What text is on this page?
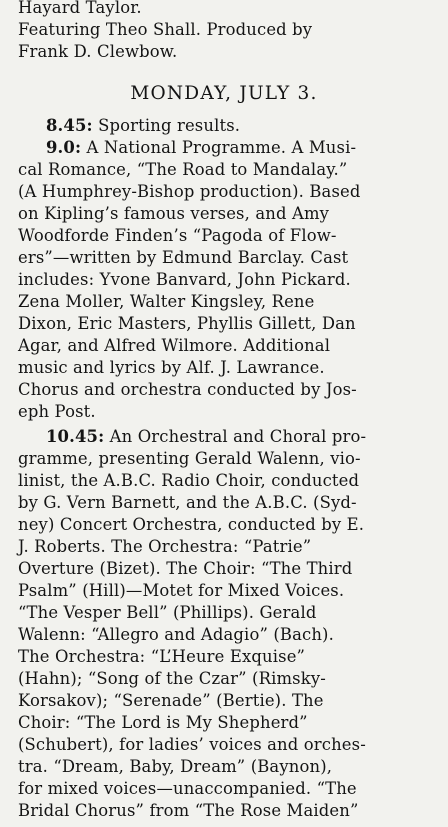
Hayard Taylor.
Featuring Theo Shall. Produced by
Frank D. Clewbow.
MONDAY, JULY 3.
8.45: Sporting results.
9.0: A National Programme. A Musi-
cal Romance, “The Road to Mandalay.”
(A Humphrey-Bishop production). Based
on Kipling’s famous verses, and Amy
Woodforde Finden’s “Pagoda of Flow-
ers”—written by Edmund Barclay. Cast
includes: Yvone Banvard, John Pickard.
Zena Moller, Walter Kingsley, Rene
Dixon, Eric Masters, Phyllis Gillett, Dan
Agar, and Alfred Wilmore. Additional
music and lyrics by Alf. J. Lawrance.
Chorus and orchestra conducted by Jos-
eph Post.
10.45: An Orchestral and Choral pro-
gramme, presenting Gerald Walenn, vio-
linist, the A.B.C. Radio Choir, conducted
by G. Vern Barnett, and the A.B.C. (Syd-
ney) Concert Orchestra, conducted by E.
J. Roberts. The Orchestra: “Patrie”
Overture (Bizet). The Choir: “The Third
Psalm” (Hill)—Motet for Mixed Voices.
“The Vesper Bell” (Phillips). Gerald
Walenn: “Allegro and Adagio” (Bach).
The Orchestra: “L’Heure Exquise”
(Hahn); “Song of the Czar” (Rimsky-
Korsakov); “Serenade” (Bertie). The
Choir: “The Lord is My Shepherd”
(Schubert), for ladies’ voices and orches-
tra. “Dream, Baby, Dream” (Baynon),
for mixed voices—unaccompanied. “The
Bridal Chorus” from “The Rose Maiden”
